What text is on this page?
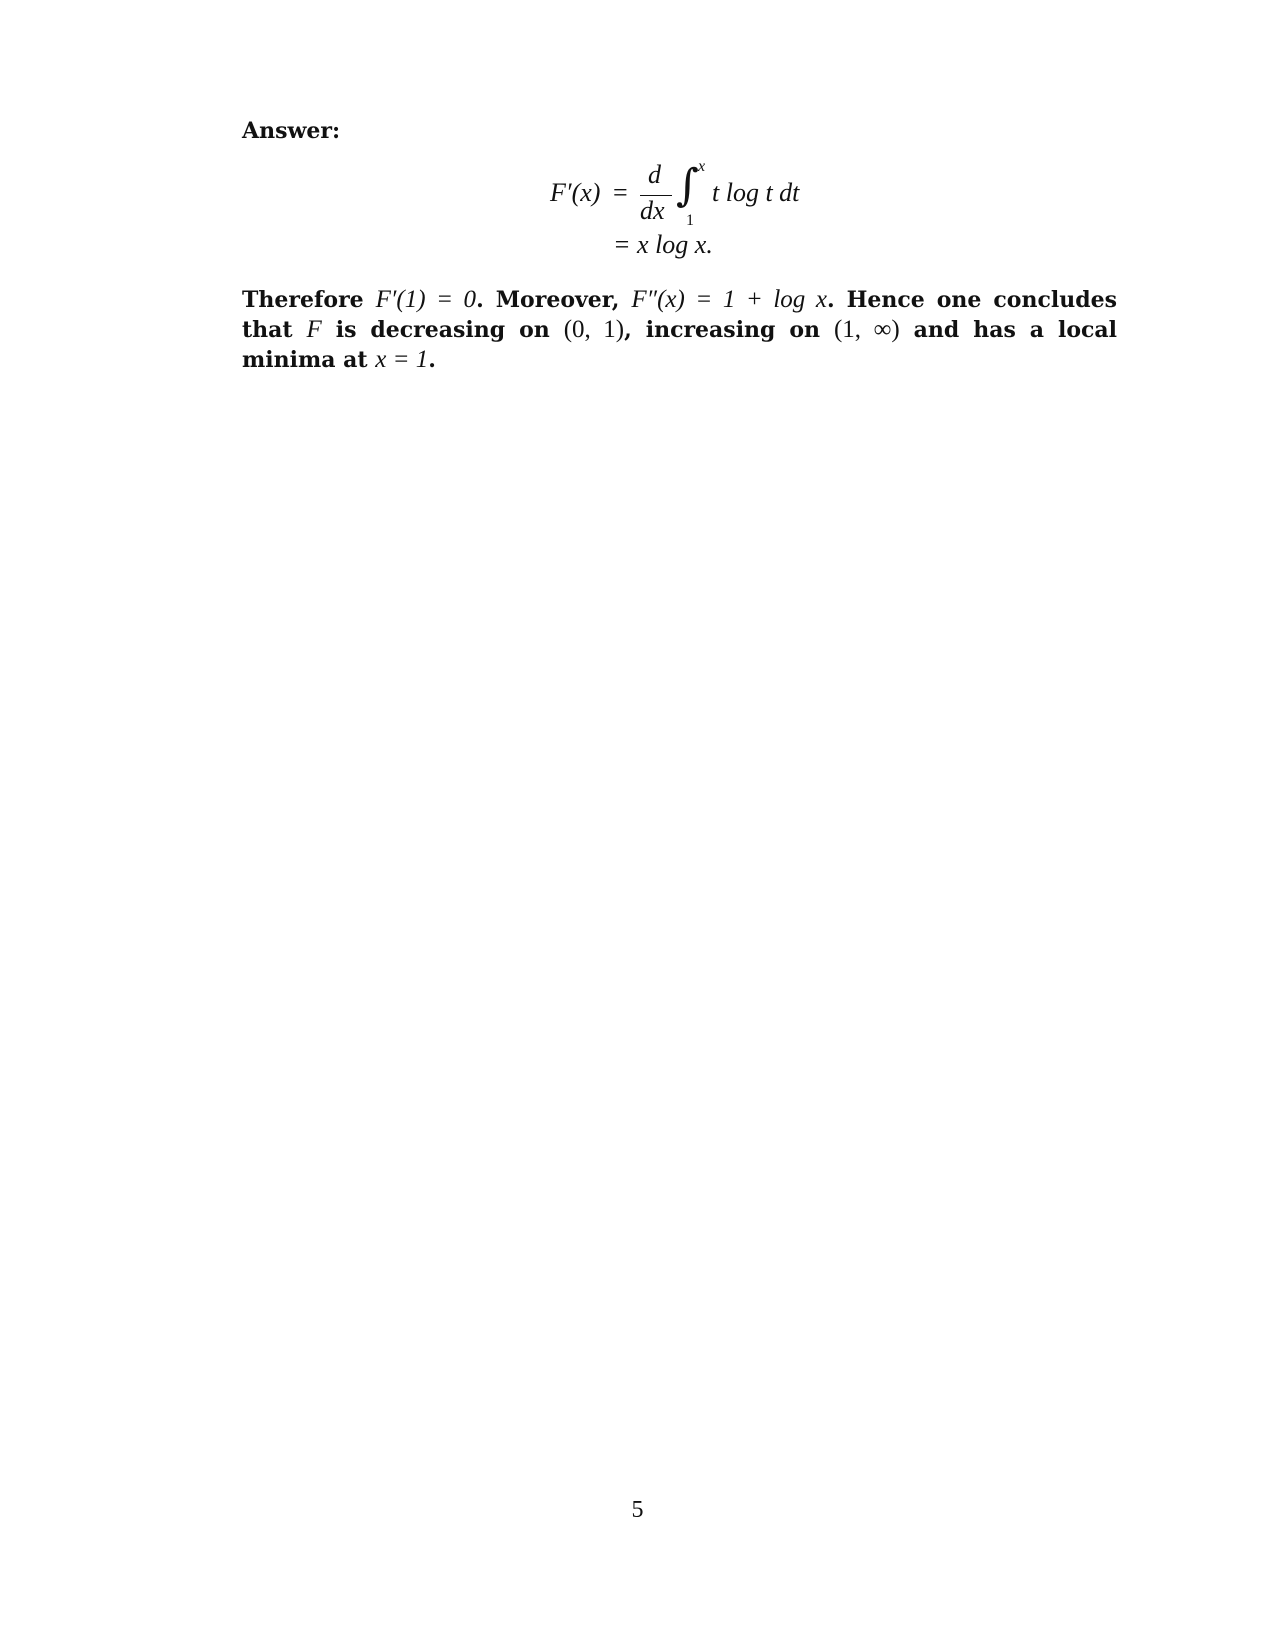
Answer:
F′(x) =
d
dx ∫ x
1
t log t dt
= x log x.
Therefore F′(1) = 0. Moreover, F″(x) = 1 + log x. Hence one concludes that F is decreasing on (0, 1), increasing on (1, ∞) and has a local minima at x = 1.
5
